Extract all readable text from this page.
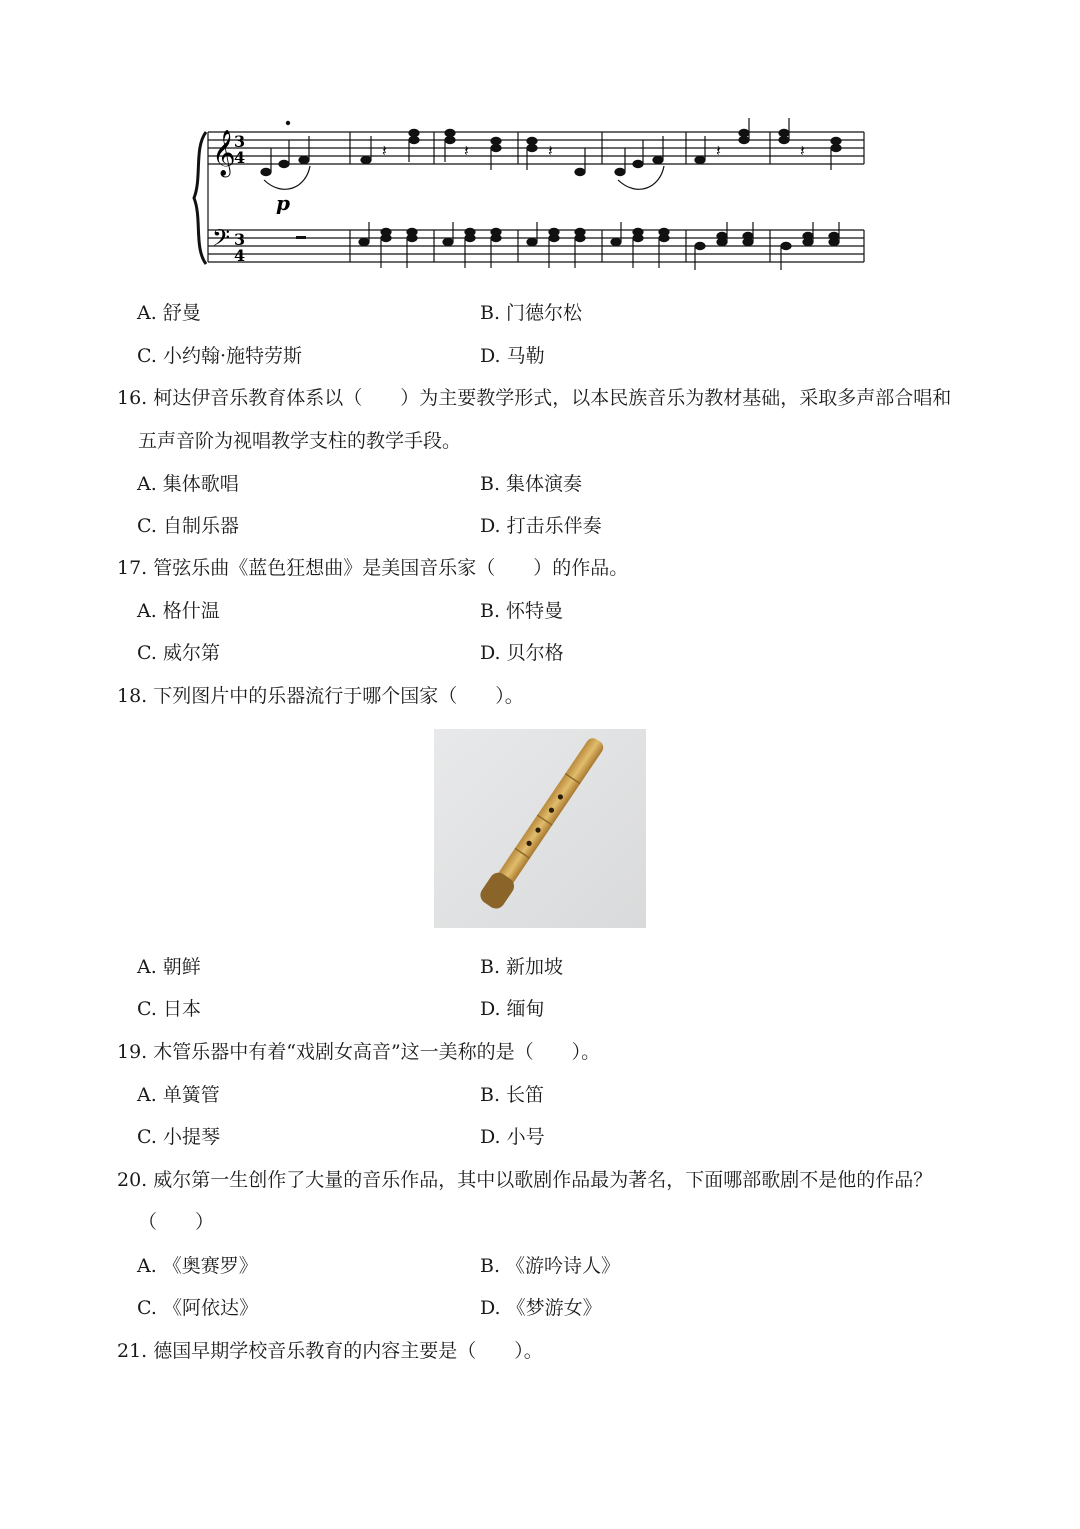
𝄞
𝄢
3
4
3
4
p
𝄽	𝄽	𝄽	𝄽	𝄽
A. 舒曼	B. 门德尔松
C. 小约翰·施特劳斯	D. 马勒
16. 柯达伊音乐教育体系以（　　）为主要教学形式，以本民族音乐为教材基础，采取多声部合唱和
五声音阶为视唱教学支柱的教学手段。
A. 集体歌唱	B. 集体演奏
C. 自制乐器	D. 打击乐伴奏
17. 管弦乐曲《蓝色狂想曲》是美国音乐家（　　）的作品。
A. 格什温	B. 怀特曼
C. 威尔第	D. 贝尔格
18. 下列图片中的乐器流行于哪个国家（　　）。
A. 朝鲜	B. 新加坡
C. 日本	D. 缅甸
19. 木管乐器中有着“戏剧女高音”这一美称的是（　　）。
A. 单簧管	B. 长笛
C. 小提琴	D. 小号
20. 威尔第一生创作了大量的音乐作品，其中以歌剧作品最为著名，下面哪部歌剧不是他的作品？
（　　）
A. 《奥赛罗》	B. 《游吟诗人》
C. 《阿依达》	D. 《梦游女》
21. 德国早期学校音乐教育的内容主要是（　　）。
